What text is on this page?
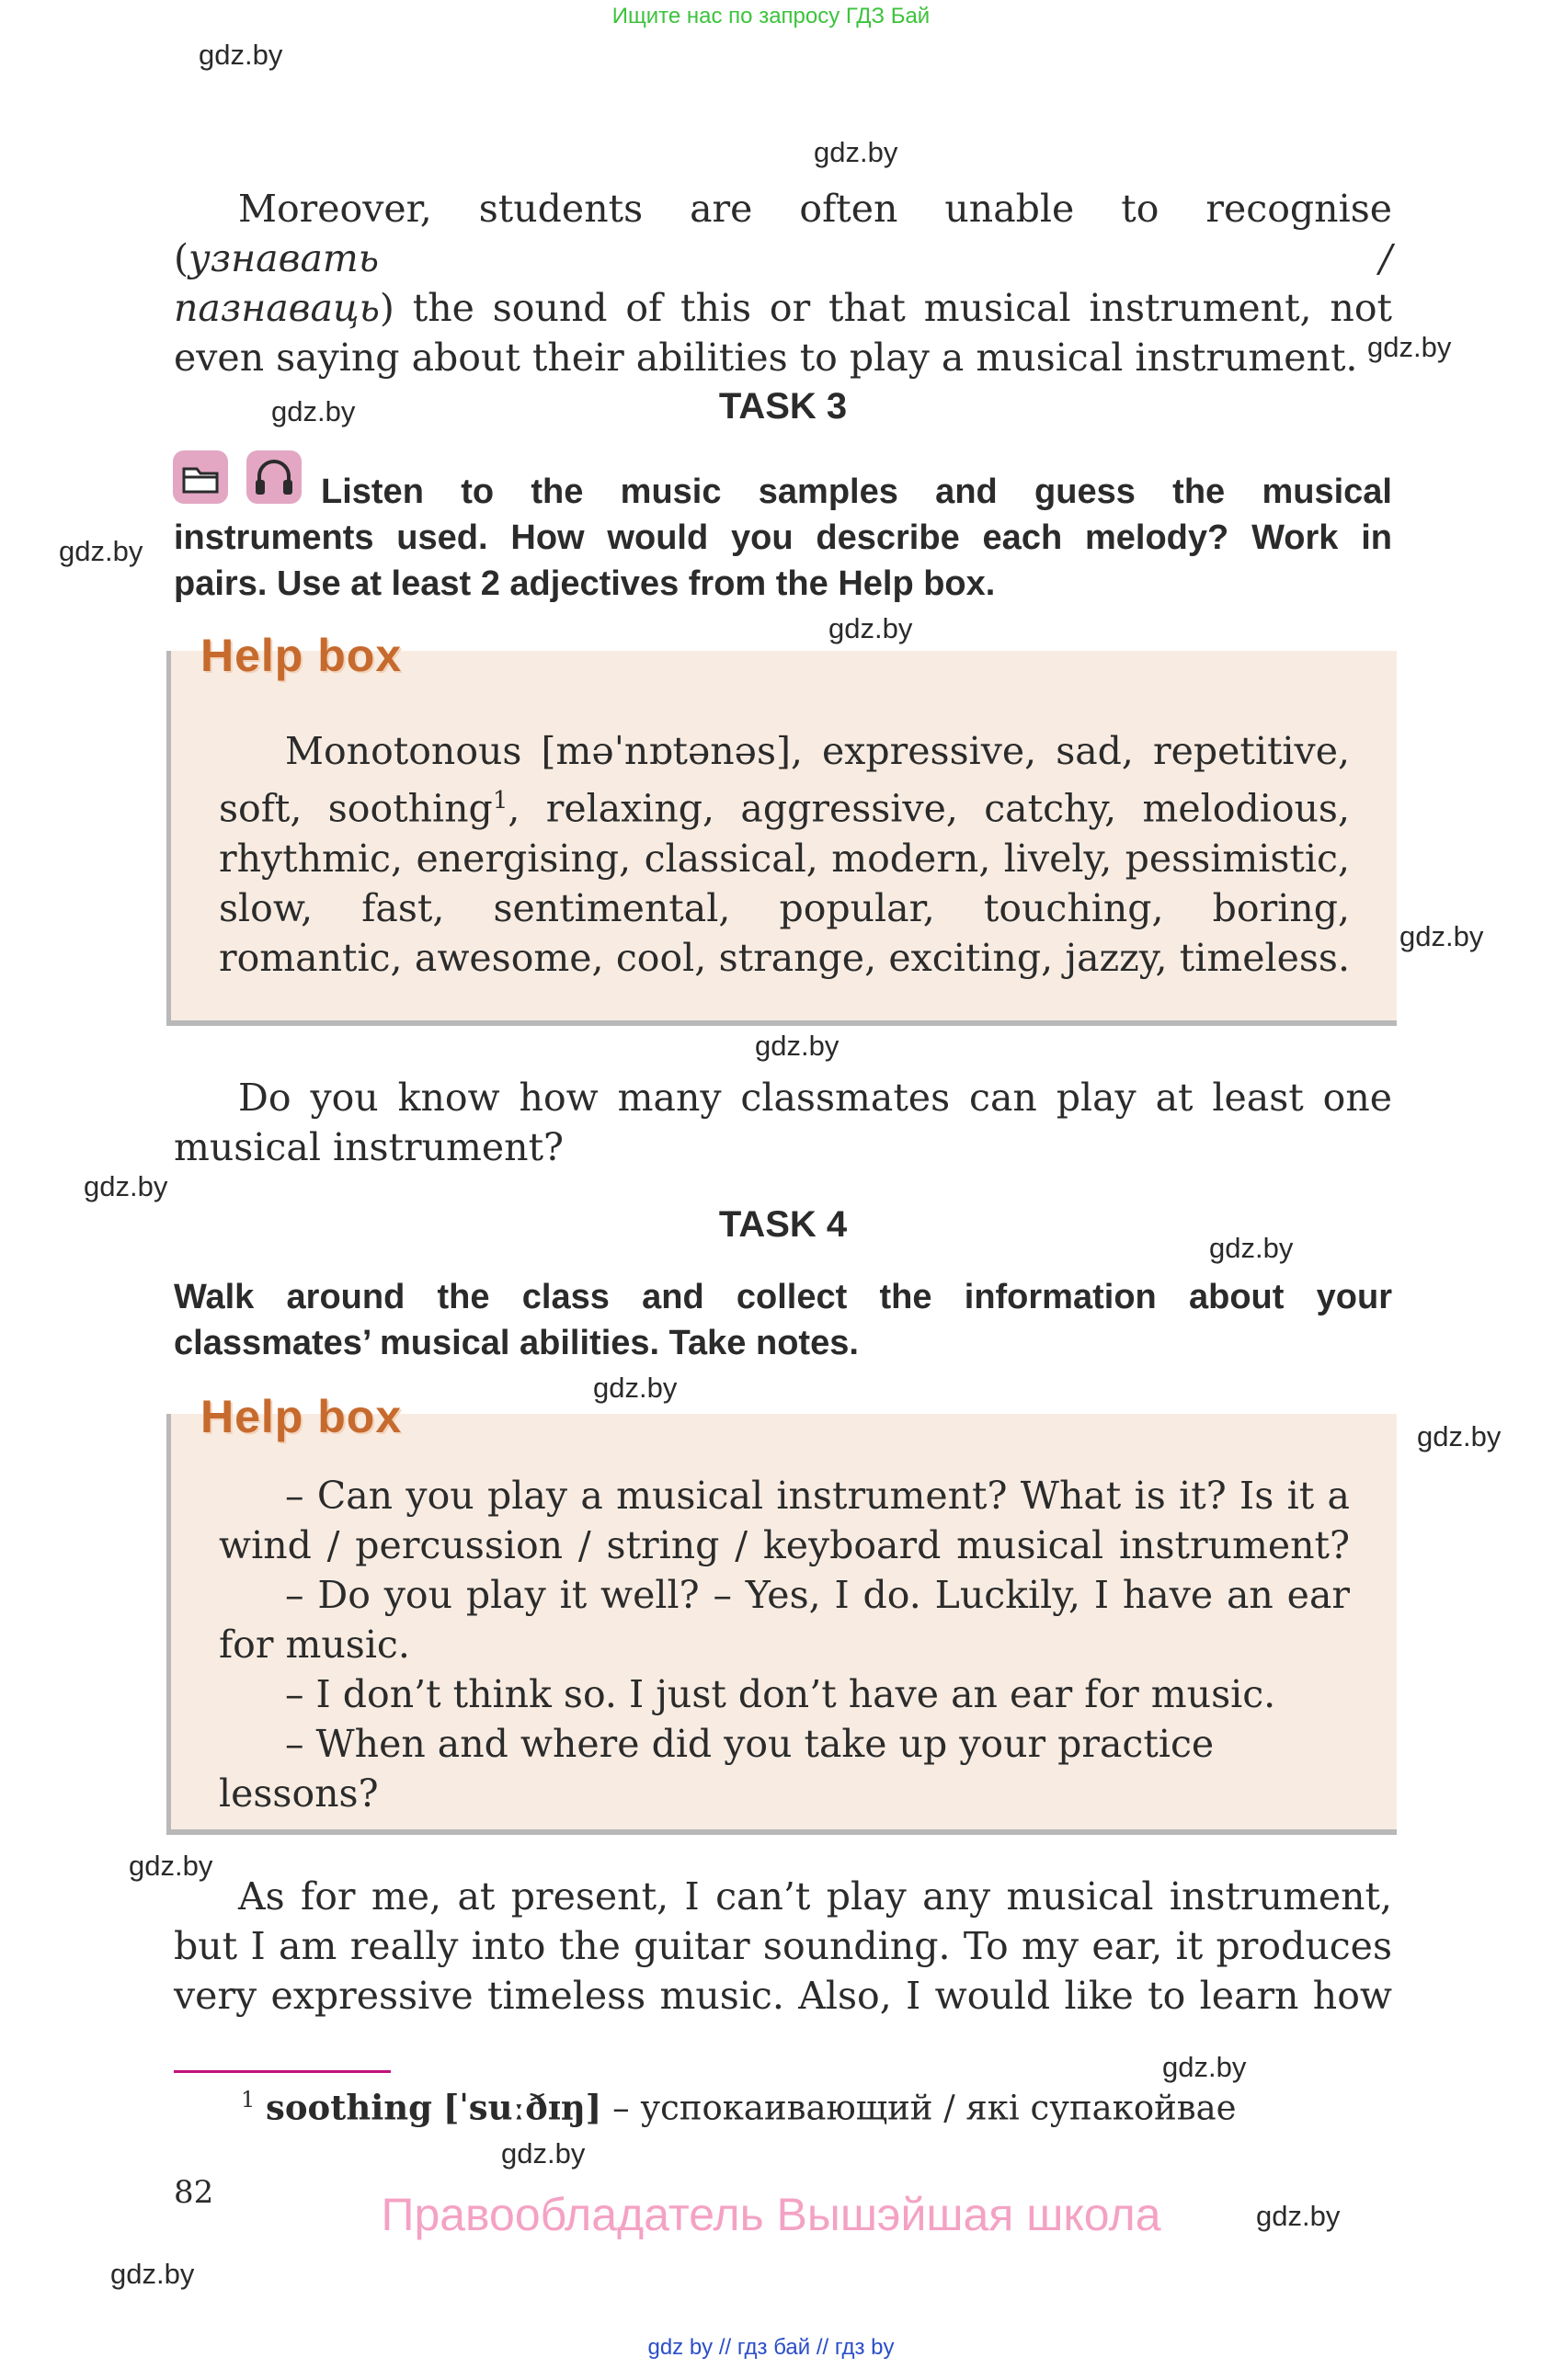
Ищите нас по запросу ГДЗ Бай
gdz.by
gdz.by
gdz.by
gdz.by
gdz.by
gdz.by
gdz.by
gdz.by
gdz.by
gdz.by
gdz.by
gdz.by
gdz.by
gdz.by
gdz.by
gdz.by
gdz.by
Moreover, students are often unable to recognise (узнавать /
пазнаваць) the sound of this or that musical instrument, not
even saying about their abilities to play a musical instrument.
TASK 3
Listen to the music samples and guess the musical
instruments used. How would you describe each melody? Work in
pairs. Use at least 2 adjectives from the Help box.
Help box
Monotonous [məˈnɒtənəs], expressive, sad, repetitive,
soft, soothing$^1$, relaxing, aggressive, catchy, melodious,
rhythmic, energising, classical, modern, lively, pessimistic,
slow, fast, sentimental, popular, touching, boring,
romantic, awesome, cool, strange, exciting, jazzy, timeless.
Do you know how many classmates can play at least one
musical instrument?
TASK 4
Walk around the class and collect the information about your
classmates’ musical abilities. Take notes.
Help box
– Can you play a musical instrument? What is it? Is it a
wind / percussion / string / keyboard musical instrument?
– Do you play it well? – Yes, I do. Luckily, I have an ear
for music.
– I don’t think so. I just don’t have an ear for music.
– When and where did you take up your practice lessons?
As for me, at present, I can’t play any musical instrument,
but I am really into the guitar sounding. To my ear, it produces
very expressive timeless music. Also, I would like to learn how
$^1$ soothing [ˈsuːðɪŋ] – успокаивающий / які супакойвае
82	Правообладатель Вышэйшая школа
gdz by // гдз бай // гдз by
